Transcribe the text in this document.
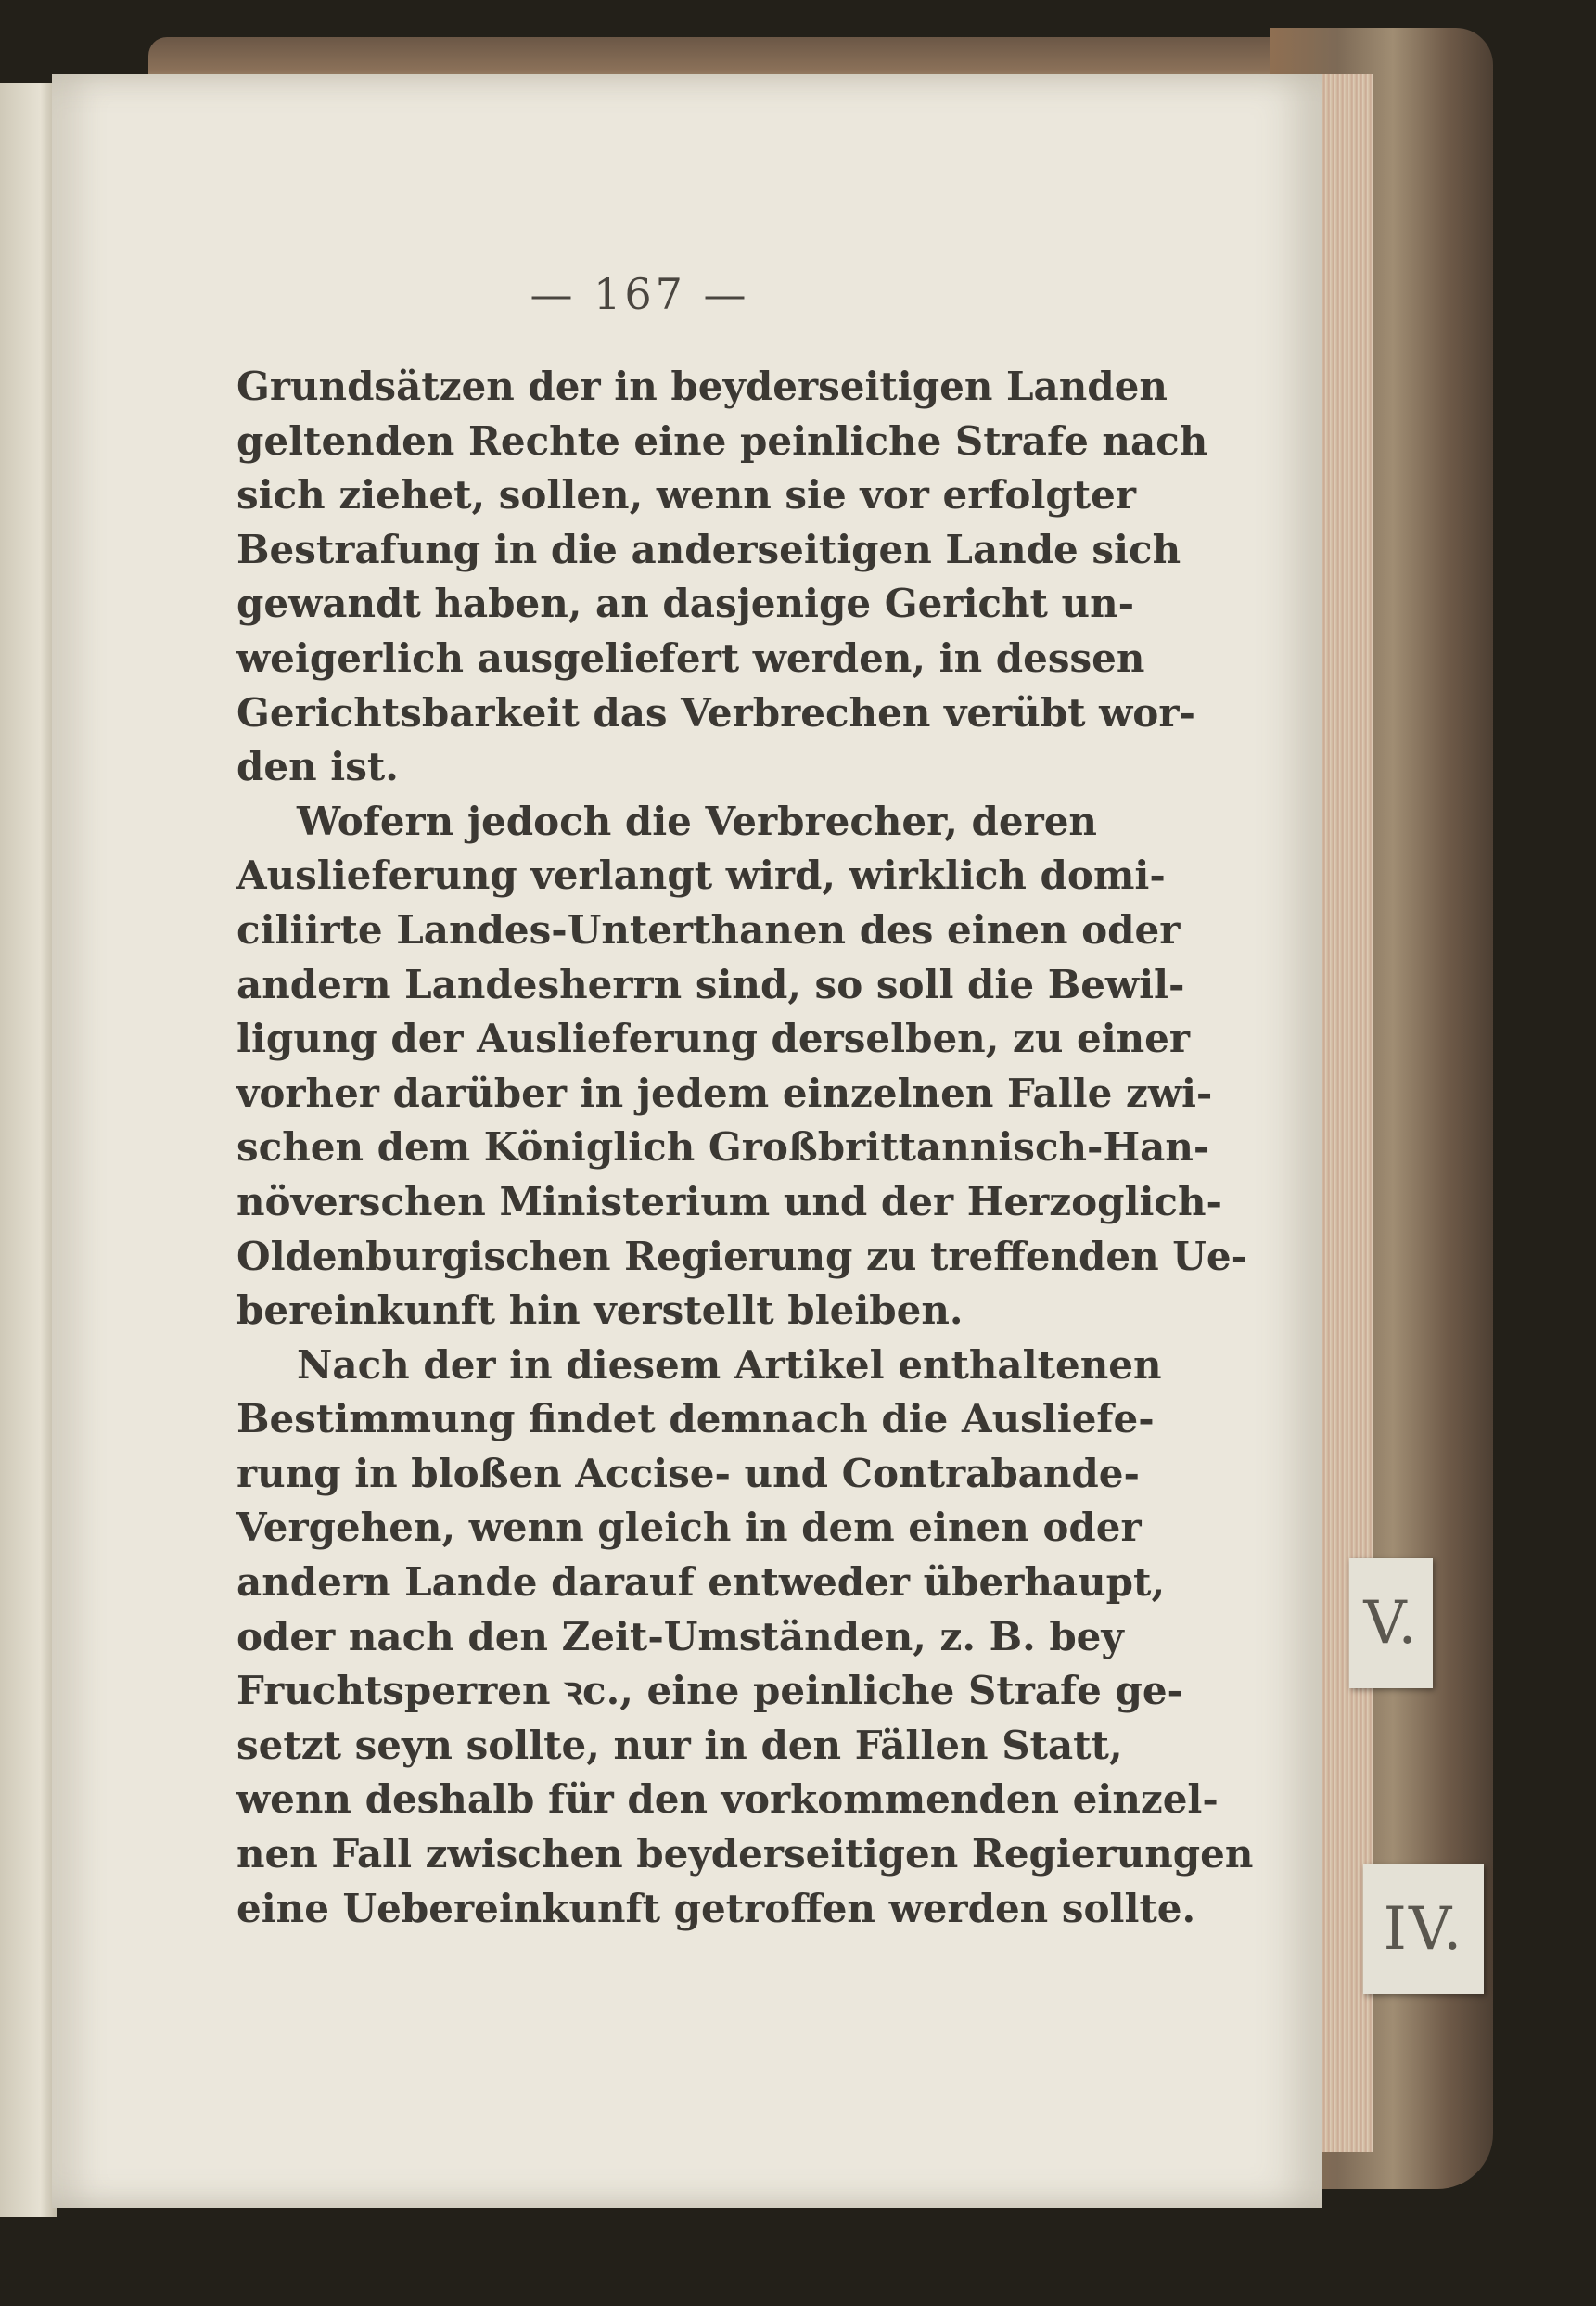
V.
IV.
— 167 —
Grundsätzen der in beyderseitigen Landen
geltenden Rechte eine peinliche Strafe nach
sich ziehet, sollen, wenn sie vor erfolgter
Bestrafung in die anderseitigen Lande sich
gewandt haben, an dasjenige Gericht un-
weigerlich ausgeliefert werden, in dessen
Gerichtsbarkeit das Verbrechen verübt wor-
den ist.
Wofern jedoch die Verbrecher, deren
Auslieferung verlangt wird, wirklich domi-
ciliirte Landes-Unterthanen des einen oder
andern Landesherrn sind, so soll die Bewil-
ligung der Auslieferung derselben, zu einer
vorher darüber in jedem einzelnen Falle zwi-
schen dem Königlich Großbrittannisch-Han-
növerschen Ministerium und der Herzoglich-
Oldenburgischen Regierung zu treffenden Ue-
bereinkunft hin verstellt bleiben.
Nach der in diesem Artikel enthaltenen
Bestimmung findet demnach die Ausliefe-
rung in bloßen Accise- und Contrabande-
Vergehen, wenn gleich in dem einen oder
andern Lande darauf entweder überhaupt,
oder nach den Zeit-Umständen, z. B. bey
Fruchtsperren ꝛc., eine peinliche Strafe ge-
setzt seyn sollte, nur in den Fällen Statt,
wenn deshalb für den vorkommenden einzel-
nen Fall zwischen beyderseitigen Regierungen
eine Uebereinkunft getroffen werden sollte.
